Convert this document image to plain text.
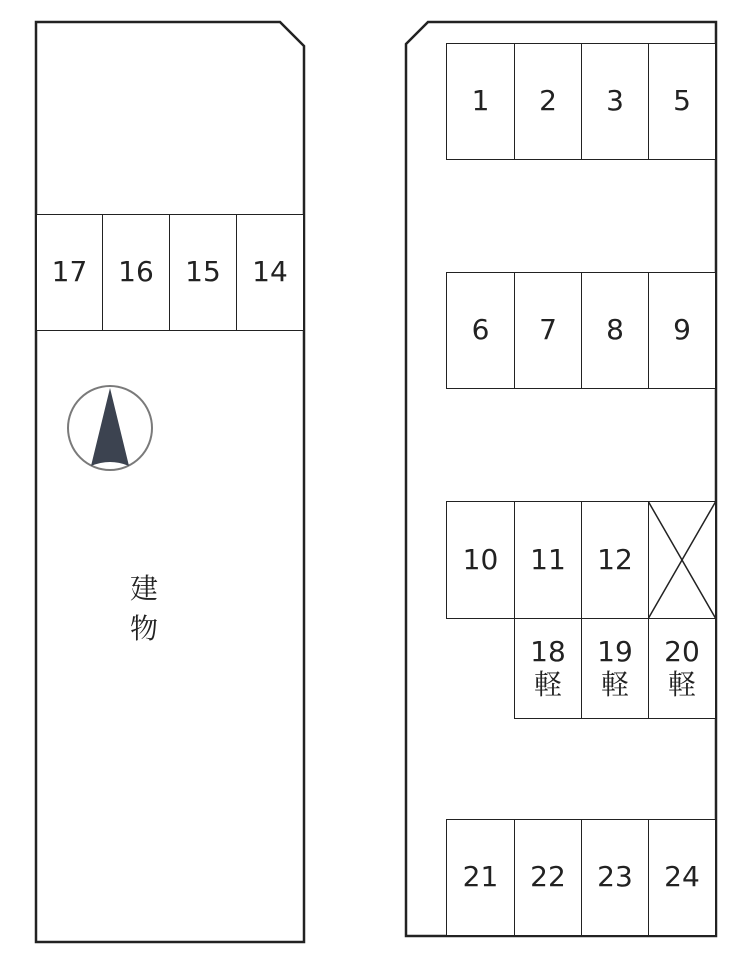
17 16 15 14
建物
1 2 3 5
6 7 8 9
10 11 12
18
軽
19
軽
20
軽
21 22 23 24
